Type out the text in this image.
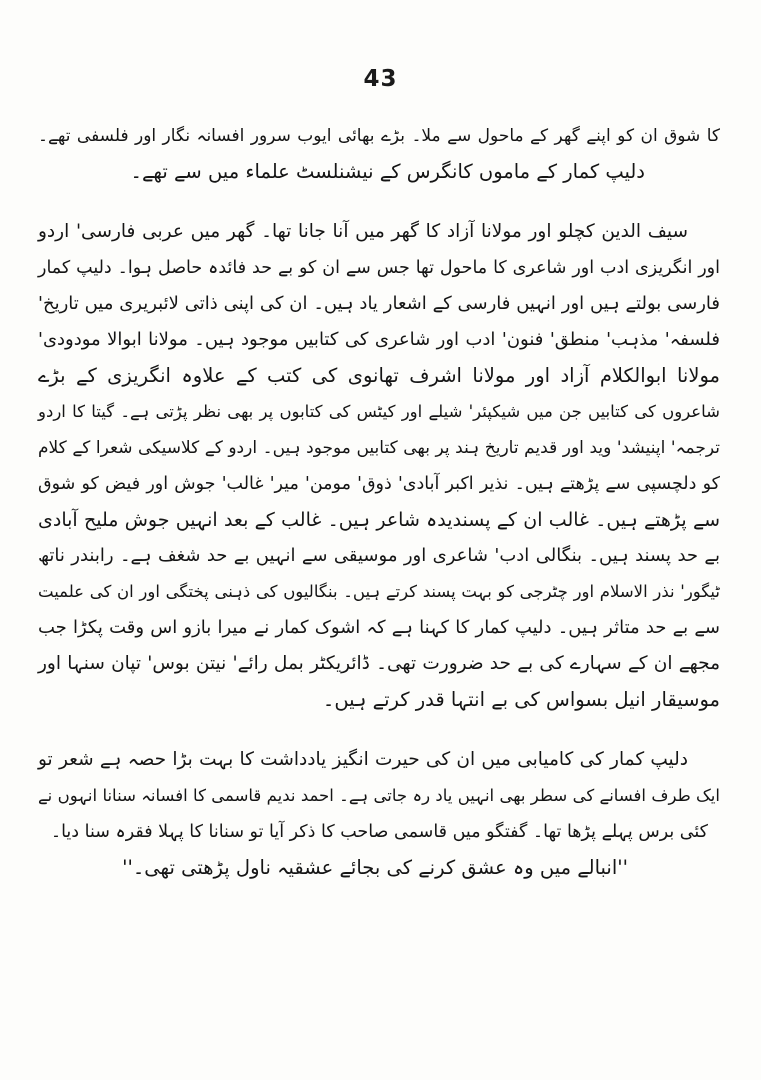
43
کا شوق ان کو اپنے گھر کے ماحول سے ملا۔ بڑے بھائی ایوب سرور افسانہ نگار اور فلسفی تھے۔
دلیپ کمار کے ماموں کانگرس کے نیشنلسٹ علماء میں سے تھے۔
سیف الدین کچلو اور مولانا آزاد کا گھر میں آنا جانا تھا۔ گھر میں عربی فارسی' اردو
اور انگریزی ادب اور شاعری کا ماحول تھا جس سے ان کو بے حد فائدہ حاصل ہوا۔ دلیپ کمار
فارسی بولتے ہیں اور انہیں فارسی کے اشعار یاد ہیں۔ ان کی اپنی ذاتی لائبریری میں تاریخ'
فلسفہ' مذہب' منطق' فنون' ادب اور شاعری کی کتابیں موجود ہیں۔ مولانا ابوالا مودودی'
مولانا ابوالکلام آزاد اور مولانا اشرف تھانوی کی کتب کے علاوہ انگریزی کے بڑے
شاعروں کی کتابیں جن میں شیکپئر' شیلے اور کیٹس کی کتابوں پر بھی نظر پڑتی ہے۔ گیتا کا اردو
ترجمہ' اپنیشد' وید اور قدیم تاریخ ہند پر بھی کتابیں موجود ہیں۔ اردو کے کلاسیکی شعرا کے کلام
کو دلچسپی سے پڑھتے ہیں۔ نذیر اکبر آبادی' ذوق' مومن' میر' غالب' جوش اور فیض کو شوق
سے پڑھتے ہیں۔ غالب ان کے پسندیدہ شاعر ہیں۔ غالب کے بعد انہیں جوش ملیح آبادی
بے حد پسند ہیں۔ بنگالی ادب' شاعری اور موسیقی سے انہیں بے حد شغف ہے۔ رابندر ناتھ
ٹیگور' نذر الاسلام اور چٹرجی کو بہت پسند کرتے ہیں۔ بنگالیوں کی ذہنی پختگی اور ان کی علمیت
سے بے حد متاثر ہیں۔ دلیپ کمار کا کہنا ہے کہ اشوک کمار نے میرا بازو اس وقت پکڑا جب
مجھے ان کے سہارے کی بے حد ضرورت تھی۔ ڈائریکٹر بمل رائے' نیتن بوس' تپان سنہا اور
موسیقار انیل بسواس کی بے انتہا قدر کرتے ہیں۔
دلیپ کمار کی کامیابی میں ان کی حیرت انگیز یادداشت کا بہت بڑا حصہ ہے شعر تو
ایک طرف افسانے کی سطر بھی انہیں یاد رہ جاتی ہے۔ احمد ندیم قاسمی کا افسانہ سنانا انہوں نے
کئی برس پہلے پڑھا تھا۔ گفتگو میں قاسمی صاحب کا ذکر آیا تو سنانا کا پہلا فقرہ سنا دیا۔
''انبالے میں وہ عشق کرنے کی بجائے عشقیہ ناول پڑھتی تھی۔''
